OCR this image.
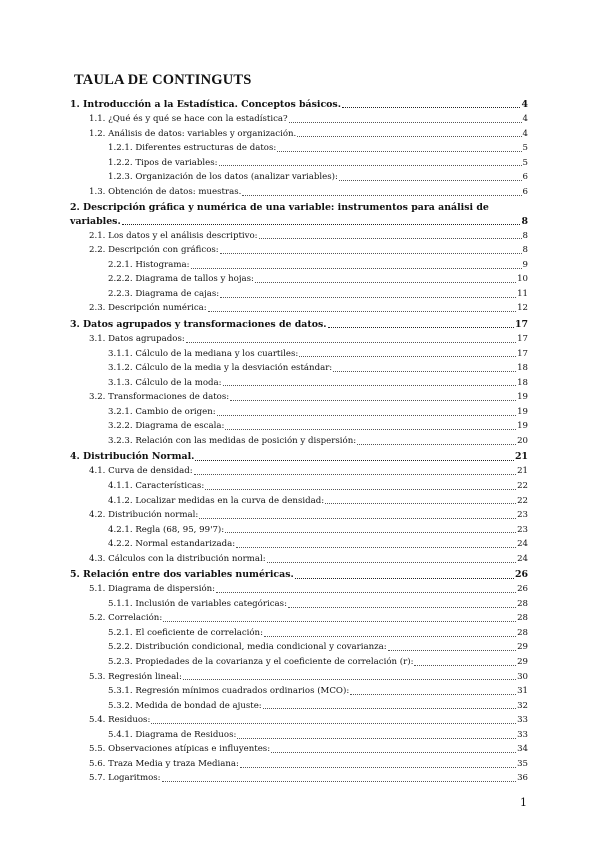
TAULA DE CONTINGUTS
1. Introducción a la Estadística. Conceptos básicos.	4
1.1. ¿Qué és y qué se hace con la estadística?	4
1.2. Análisis de datos: variables y organización.	4
1.2.1. Diferentes estructuras de datos:	5
1.2.2. Tipos de variables:	5
1.2.3. Organización de los datos (analizar variables):	6
1.3. Obtención de datos: muestras.	6
2. Descripción gráfica y numérica de una variable: instrumentos para análisi de
variables.	8
2.1. Los datos y el análisis descriptivo:	8
2.2. Descripción con gráficos:	8
2.2.1. Histograma:	9
2.2.2. Diagrama de tallos y hojas:	10
2.2.3. Diagrama de cajas:	11
2.3. Descripción numérica:	12
3. Datos agrupados y transformaciones de datos.	17
3.1. Datos agrupados:	17
3.1.1. Cálculo de la mediana y los cuartiles:	17
3.1.2. Cálculo de la media y la desviación estándar:	18
3.1.3. Cálculo de la moda:	18
3.2. Transformaciones de datos:	19
3.2.1. Cambio de origen:	19
3.2.2. Diagrama de escala:	19
3.2.3. Relación con las medidas de posición y dispersión:	20
4. Distribución Normal.	21
4.1. Curva de densidad:	21
4.1.1. Características:	22
4.1.2. Localizar medidas en la curva de densidad:	22
4.2. Distribución normal:	23
4.2.1. Regla (68, 95, 99'7):	23
4.2.2. Normal estandarizada:	24
4.3. Cálculos con la distribución normal:	24
5. Relación entre dos variables numéricas.	26
5.1. Diagrama de dispersión:	26
5.1.1. Inclusión de variables categóricas:	28
5.2. Correlación:	28
5.2.1. El coeficiente de correlación:	28
5.2.2. Distribución condicional, media condicional y covarianza:	29
5.2.3. Propiedades de la covarianza y el coeficiente de correlación (r):	29
5.3. Regresión lineal:	30
5.3.1. Regresión mínimos cuadrados ordinarios (MCO):	31
5.3.2. Medida de bondad de ajuste:	32
5.4. Residuos:	33
5.4.1. Diagrama de Residuos:	33
5.5. Observaciones atípicas e influyentes:	34
5.6. Traza Media y traza Mediana:	35
5.7. Logaritmos:	36
1
